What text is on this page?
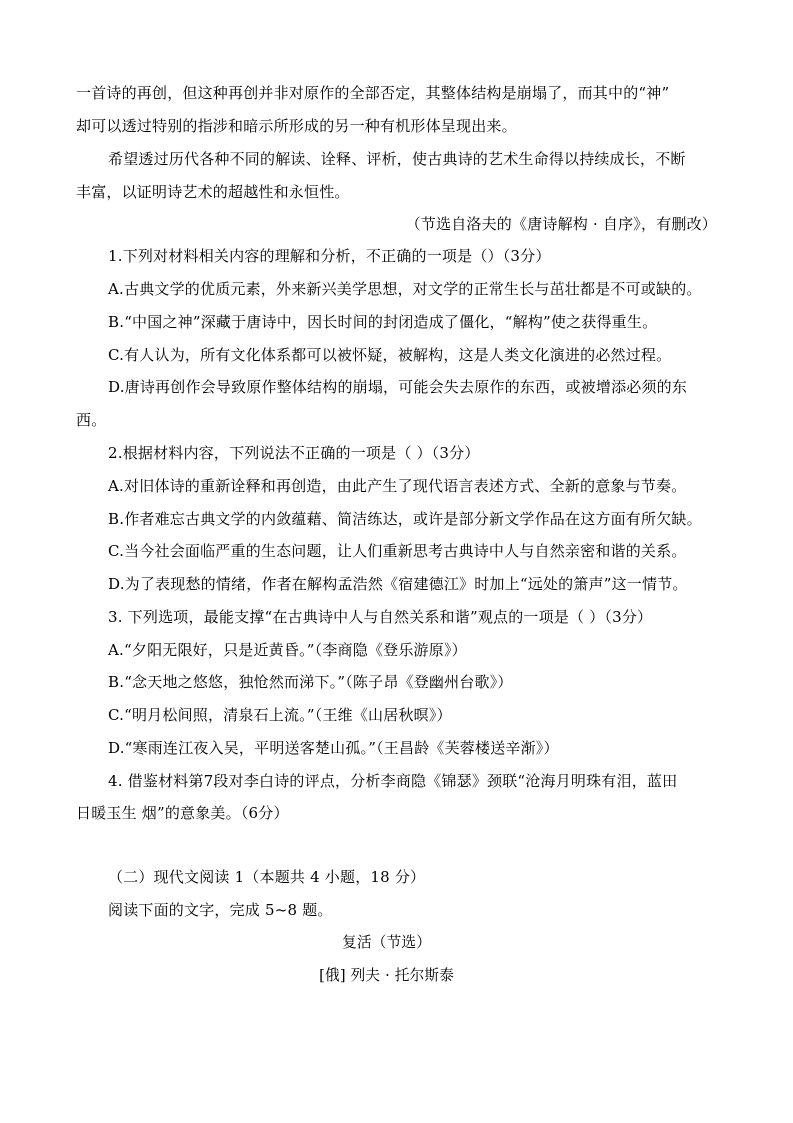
一首诗的再创，但这种再创并非对原作的全部否定，其整体结构是崩塌了，而其中的“神”

却可以透过特别的指涉和暗示所形成的另一种有机形体呈现出来。

希望透过历代各种不同的解读、诠释、评析，使古典诗的艺术生命得以持续成长，不断

丰富，以证明诗艺术的超越性和永恒性。

（节选自洛夫的《唐诗解构 · 自序》，有删改）

1.下列对材料相关内容的理解和分析，不正确的一项是（）（3分）

A.古典文学的优质元素，外来新兴美学思想，对文学的正常生长与茁壮都是不可或缺的。

B.“中国之神”深藏于唐诗中，因长时间的封闭造成了僵化，“解构”使之获得重生。

C.有人认为，所有文化体系都可以被怀疑，被解构，这是人类文化演进的必然过程。

D.唐诗再创作会导致原作整体结构的崩塌，可能会失去原作的东西，或被增添必须的东

西。

2.根据材料内容，下列说法不正确的一项是（ ）（3分）

A.对旧体诗的重新诠释和再创造，由此产生了现代语言表述方式、全新的意象与节奏。

B.作者难忘古典文学的内敛蕴藉、简洁练达，或许是部分新文学作品在这方面有所欠缺。

C.当今社会面临严重的生态问题，让人们重新思考古典诗中人与自然亲密和谐的关系。

D.为了表现愁的情绪，作者在解构孟浩然《宿建德江》时加上“远处的箫声”这一情节。

3. 下列选项，最能支撑“在古典诗中人与自然关系和谐”观点的一项是（ ）（3分）

A.“夕阳无限好，只是近黄昏。”（李商隐《登乐游原》）

B.“念天地之悠悠，独怆然而涕下。”（陈子昂《登幽州台歌》）

C.“明月松间照，清泉石上流。”（王维《山居秋暝》）

D.“寒雨连江夜入吴，平明送客楚山孤。”（王昌龄《芙蓉楼送辛渐》）

4. 借鉴材料第7段对李白诗的评点，分析李商隐《锦瑟》颈联“沧海月明珠有泪，蓝田

日暖玉生 烟”的意象美。（6分）

（二）现代文阅读 1（本题共 4 小题，18 分）

阅读下面的文字，完成 5~8 题。

复活（节选）

[俄] 列夫 · 托尔斯泰
